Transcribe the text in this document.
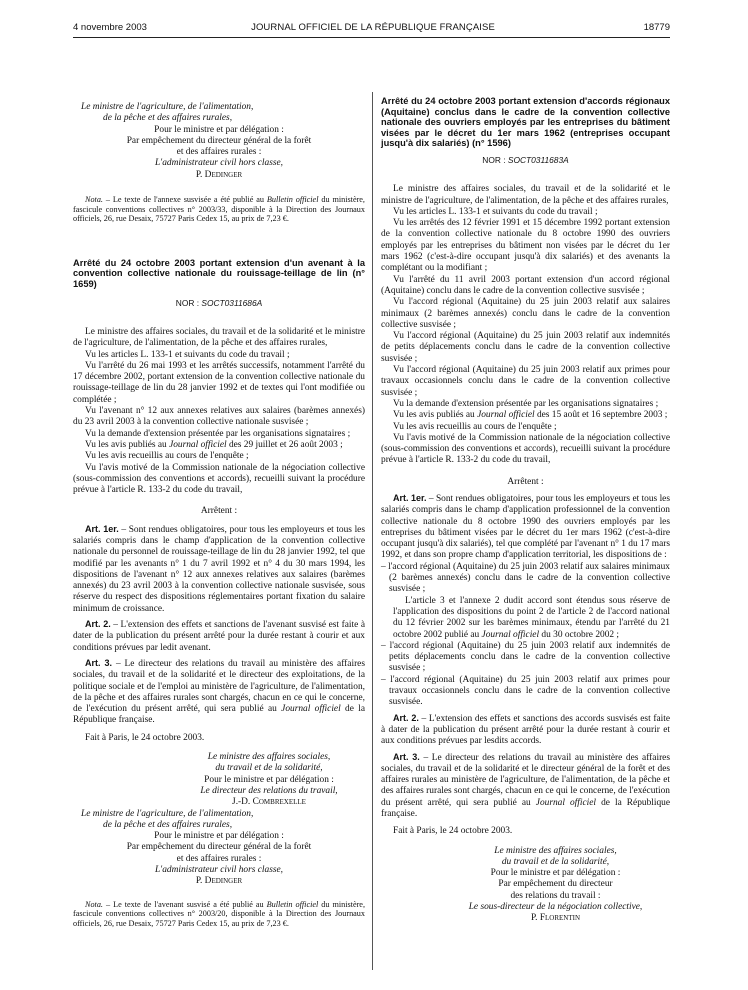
4 novembre 2003	JOURNAL OFFICIEL DE LA RÉPUBLIQUE FRANÇAISE	18779

Le ministre de l'agriculture, de l'alimentation,

de la pêche et des affaires rurales,

Pour le ministre et par délégation :

Par empêchement du directeur général de la forêt

et des affaires rurales :

L'administrateur civil hors classe,

P. Dedinger

Nota. – Le texte de l'annexe susvisée a été publié au Bulletin officiel du ministère, fascicule conventions collectives n° 2003/33, disponible à la Direction des Journaux officiels, 26, rue Desaix, 75727 Paris Cedex 15, au prix de 7,23 €.

Arrêté du 24 octobre 2003 portant extension d'un avenant à la convention collective nationale du rouissage-teillage de lin (n° 1659)

NOR : SOCT0311686A

Le ministre des affaires sociales, du travail et de la solidarité et le ministre de l'agriculture, de l'alimentation, de la pêche et des affaires rurales,

Vu les articles L. 133-1 et suivants du code du travail ;

Vu l'arrêté du 26 mai 1993 et les arrêtés successifs, notamment l'arrêté du 17 décembre 2002, portant extension de la convention collective nationale du rouissage-teillage de lin du 28 janvier 1992 et de textes qui l'ont modifiée ou complétée ;

Vu l'avenant n° 12 aux annexes relatives aux salaires (barèmes annexés) du 23 avril 2003 à la convention collective nationale susvisée ;

Vu la demande d'extension présentée par les organisations signataires ;

Vu les avis publiés au Journal officiel des 29 juillet et 26 août 2003 ;

Vu les avis recueillis au cours de l'enquête ;

Vu l'avis motivé de la Commission nationale de la négociation collective (sous-commission des conventions et accords), recueilli suivant la procédure prévue à l'article R. 133-2 du code du travail,

Arrêtent :

Art. 1er. – Sont rendues obligatoires, pour tous les employeurs et tous les salariés compris dans le champ d'application de la convention collective nationale du personnel de rouissage-teillage de lin du 28 janvier 1992, tel que modifié par les avenants n° 1 du 7 avril 1992 et n° 4 du 30 mars 1994, les dispositions de l'avenant n° 12 aux annexes relatives aux salaires (barèmes annexés) du 23 avril 2003 à la convention collective nationale susvisée, sous réserve du respect des dispositions réglementaires portant fixation du salaire minimum de croissance.

Art. 2. – L'extension des effets et sanctions de l'avenant susvisé est faite à dater de la publication du présent arrêté pour la durée restant à courir et aux conditions prévues par ledit avenant.

Art. 3. – Le directeur des relations du travail au ministère des affaires sociales, du travail et de la solidarité et le directeur des exploitations, de la politique sociale et de l'emploi au ministère de l'agriculture, de l'alimentation, de la pêche et des affaires rurales sont chargés, chacun en ce qui le concerne, de l'exécution du présent arrêté, qui sera publié au Journal officiel de la République française.

Fait à Paris, le 24 octobre 2003.

Le ministre des affaires sociales,

du travail et de la solidarité,

Pour le ministre et par délégation :

Le directeur des relations du travail,

J.-D. Combrexelle

Le ministre de l'agriculture, de l'alimentation,

de la pêche et des affaires rurales,

Pour le ministre et par délégation :

Par empêchement du directeur général de la forêt

et des affaires rurales :

L'administrateur civil hors classe,

P. Dedinger

Nota. – Le texte de l'avenant susvisé a été publié au Bulletin officiel du ministère, fascicule conventions collectives n° 2003/20, disponible à la Direction des Journaux officiels, 26, rue Desaix, 75727 Paris Cedex 15, au prix de 7,23 €.

Arrêté du 24 octobre 2003 portant extension d'accords régionaux (Aquitaine) conclus dans le cadre de la convention collective nationale des ouvriers employés par les entreprises du bâtiment visées par le décret du 1er mars 1962 (entreprises occupant jusqu'à dix salariés) (n° 1596)

NOR : SOCT0311683A

Le ministre des affaires sociales, du travail et de la solidarité et le ministre de l'agriculture, de l'alimentation, de la pêche et des affaires rurales,

Vu les articles L. 133-1 et suivants du code du travail ;

Vu les arrêtés des 12 février 1991 et 15 décembre 1992 portant extension de la convention collective nationale du 8 octobre 1990 des ouvriers employés par les entreprises du bâtiment non visées par le décret du 1er mars 1962 (c'est-à-dire occupant jusqu'à dix salariés) et des avenants la complétant ou la modifiant ;

Vu l'arrêté du 11 avril 2003 portant extension d'un accord régional (Aquitaine) conclu dans le cadre de la convention collective susvisée ;

Vu l'accord régional (Aquitaine) du 25 juin 2003 relatif aux salaires minimaux (2 barèmes annexés) conclu dans le cadre de la convention collective susvisée ;

Vu l'accord régional (Aquitaine) du 25 juin 2003 relatif aux indemnités de petits déplacements conclu dans le cadre de la convention collective susvisée ;

Vu l'accord régional (Aquitaine) du 25 juin 2003 relatif aux primes pour travaux occasionnels conclu dans le cadre de la convention collective susvisée ;

Vu la demande d'extension présentée par les organisations signataires ;

Vu les avis publiés au Journal officiel des 15 août et 16 septembre 2003 ;

Vu les avis recueillis au cours de l'enquête ;

Vu l'avis motivé de la Commission nationale de la négociation collective (sous-commission des conventions et accords), recueilli suivant la procédure prévue à l'article R. 133-2 du code du travail,

Arrêtent :

Art. 1er. – Sont rendues obligatoires, pour tous les employeurs et tous les salariés compris dans le champ d'application professionnel de la convention collective nationale du 8 octobre 1990 des ouvriers employés par les entreprises du bâtiment visées par le décret du 1er mars 1962 (c'est-à-dire occupant jusqu'à dix salariés), tel que complété par l'avenant n° 1 du 17 mars 1992, et dans son propre champ d'application territorial, les dispositions de :

– l'accord régional (Aquitaine) du 25 juin 2003 relatif aux salaires minimaux (2 barèmes annexés) conclu dans le cadre de la convention collective susvisée ;

L'article 3 et l'annexe 2 dudit accord sont étendus sous réserve de l'application des dispositions du point 2 de l'article 2 de l'accord national du 12 février 2002 sur les barèmes minimaux, étendu par l'arrêté du 21 octobre 2002 publié au Journal officiel du 30 octobre 2002 ;

– l'accord régional (Aquitaine) du 25 juin 2003 relatif aux indemnités de petits déplacements conclu dans le cadre de la convention collective susvisée ;

– l'accord régional (Aquitaine) du 25 juin 2003 relatif aux primes pour travaux occasionnels conclu dans le cadre de la convention collective susvisée.

Art. 2. – L'extension des effets et sanctions des accords susvisés est faite à dater de la publication du présent arrêté pour la durée restant à courir et aux conditions prévues par lesdits accords.

Art. 3. – Le directeur des relations du travail au ministère des affaires sociales, du travail et de la solidarité et le directeur général de la forêt et des affaires rurales au ministère de l'agriculture, de l'alimentation, de la pêche et des affaires rurales sont chargés, chacun en ce qui le concerne, de l'exécution du présent arrêté, qui sera publié au Journal officiel de la République française.

Fait à Paris, le 24 octobre 2003.

Le ministre des affaires sociales,

du travail et de la solidarité,

Pour le ministre et par délégation :

Par empêchement du directeur

des relations du travail :

Le sous-directeur de la négociation collective,

P. Florentin
